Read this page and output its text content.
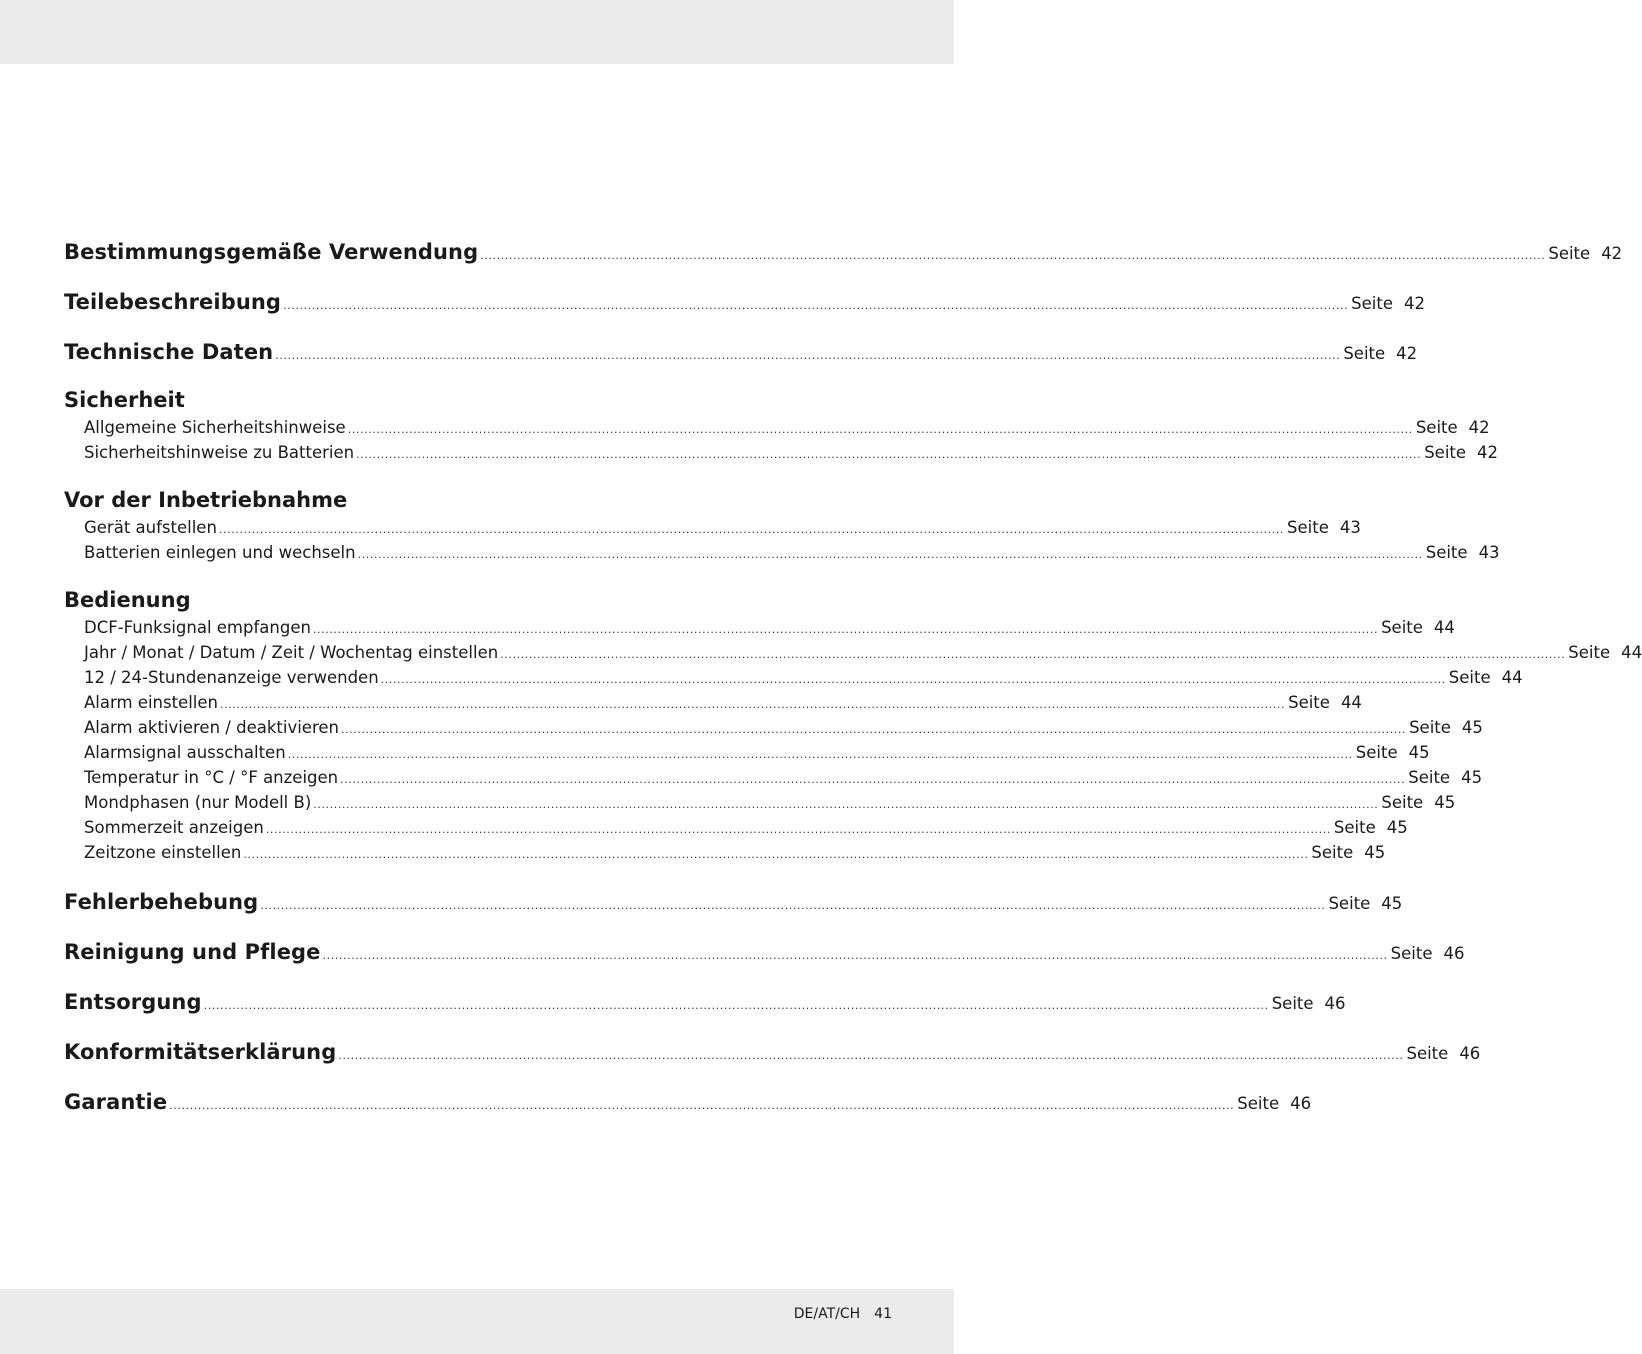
Bestimmungsgemäße Verwendung .................................................................................................................................................................................................................................................................... Seite 42
Teilebeschreibung .................................................................................................................................................................................................................................................................... Seite 42
Technische Daten .................................................................................................................................................................................................................................................................... Seite 42
Sicherheit
Allgemeine Sicherheitshinweise .................................................................................................................................................................................................................................................................... Seite 42
Sicherheitshinweise zu Batterien .................................................................................................................................................................................................................................................................... Seite 42
Vor der Inbetriebnahme
Gerät aufstellen .................................................................................................................................................................................................................................................................... Seite 43
Batterien einlegen und wechseln .................................................................................................................................................................................................................................................................... Seite 43
Bedienung
DCF-Funksignal empfangen .................................................................................................................................................................................................................................................................... Seite 44
Jahr / Monat / Datum / Zeit / Wochentag einstellen .................................................................................................................................................................................................................................................................... Seite 44
12 / 24-Stundenanzeige verwenden .................................................................................................................................................................................................................................................................... Seite 44
Alarm einstellen .................................................................................................................................................................................................................................................................... Seite 44
Alarm aktivieren / deaktivieren .................................................................................................................................................................................................................................................................... Seite 45
Alarmsignal ausschalten .................................................................................................................................................................................................................................................................... Seite 45
Temperatur in °C / °F anzeigen .................................................................................................................................................................................................................................................................... Seite 45
Mondphasen (nur Modell B) .................................................................................................................................................................................................................................................................... Seite 45
Sommerzeit anzeigen .................................................................................................................................................................................................................................................................... Seite 45
Zeitzone einstellen .................................................................................................................................................................................................................................................................... Seite 45
Fehlerbehebung .................................................................................................................................................................................................................................................................... Seite 45
Reinigung und Pflege .................................................................................................................................................................................................................................................................... Seite 46
Entsorgung .................................................................................................................................................................................................................................................................... Seite 46
Konformitätserklärung .................................................................................................................................................................................................................................................................... Seite 46
Garantie .................................................................................................................................................................................................................................................................... Seite 46
DE/AT/CH 41
